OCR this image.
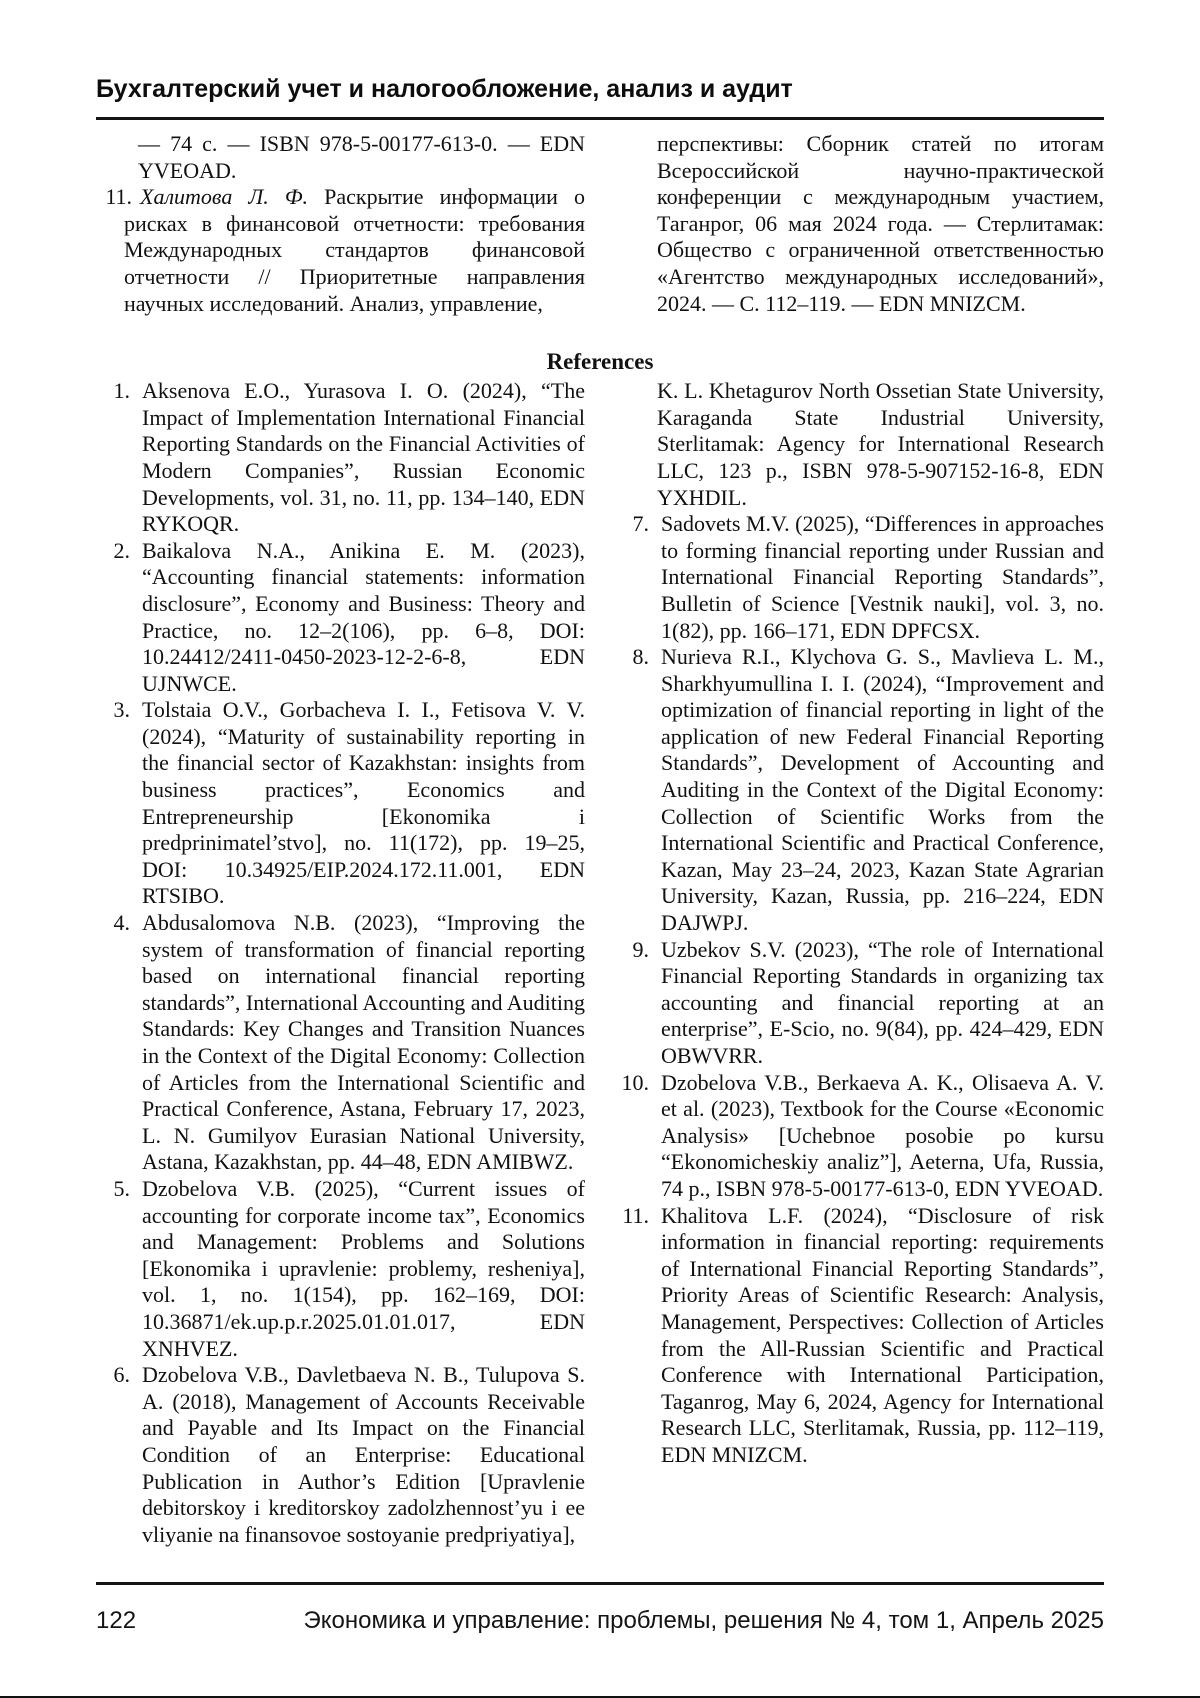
Бухгалтерский учет и налогообложение, анализ и аудит

— 74 с. — ISBN 978-5-00177-613-0. — EDN YVEOAD.

11. Халитова Л. Ф. Раскрытие информации о рисках в финансовой отчетности: требования Международных стандартов финансовой отчетности // Приоритетные направления научных исследований. Анализ, управление,

перспективы: Сборник статей по итогам Всероссийской научно-практической конференции с международным участием, Таганрог, 06 мая 2024 года. — Стерлитамак: Общество с ограниченной ответственностью «Агентство международных исследований», 2024. — С. 112–119. — EDN MNIZCM.

References
1. Aksenova E.O., Yurasova I. O. (2024), “The Impact of Implementation International Financial Reporting Standards on the Financial Activities of Modern Companies”, Russian Economic Developments, vol. 31, no. 11, pp. 134–140, EDN RYKOQR.
2. Baikalova N.A., Anikina E. M. (2023), “Accounting financial statements: information disclosure”, Economy and Business: Theory and Practice, no. 12–2(106), pp. 6–8, DOI: 10.24412/2411-0450-2023-12-2-6-8, EDN UJNWCE.
3. Tolstaia O.V., Gorbacheva I. I., Fetisova V. V. (2024), “Maturity of sustainability reporting in the financial sector of Kazakhstan: insights from business practices”, Economics and Entrepreneurship [Ekonomika i predprinimatel’stvo], no. 11(172), pp. 19–25, DOI: 10.34925/EIP.2024.172.11.001, EDN RTSIBO.
4. Abdusalomova N.B. (2023), “Improving the system of transformation of financial reporting based on international financial reporting standards”, International Accounting and Auditing Standards: Key Changes and Transition Nuances in the Context of the Digital Economy: Collection of Articles from the International Scientific and Practical Conference, Astana, February 17, 2023, L. N. Gumilyov Eurasian National University, Astana, Kazakhstan, pp. 44–48, EDN AMIBWZ.
5. Dzobelova V.B. (2025), “Current issues of accounting for corporate income tax”, Economics and Management: Problems and Solutions [Ekonomika i upravlenie: problemy, resheniya], vol. 1, no. 1(154), pp. 162–169, DOI: 10.36871/ek.up.p.r.2025.01.01.017, EDN XNHVEZ.
6. Dzobelova V.B., Davletbaeva N. B., Tulupova S. A. (2018), Management of Accounts Receivable and Payable and Its Impact on the Financial Condition of an Enterprise: Educational Publication in Author’s Edition [Upravlenie debitorskoy i kreditorskoy zadolzhennost’yu i ee vliyanie na finansovoe sostoyanie predpriyatiya],

K. L. Khetagurov North Ossetian State University, Karaganda State Industrial University, Sterlitamak: Agency for International Research LLC, 123 p., ISBN 978-5-907152-16-8, EDN YXHDIL.

7. Sadovets M.V. (2025), “Differences in approaches to forming financial reporting under Russian and International Financial Reporting Standards”, Bulletin of Science [Vestnik nauki], vol. 3, no. 1(82), pp. 166–171, EDN DPFCSX.
8. Nurieva R.I., Klychova G. S., Mavlieva L. M., Sharkhyumullina I. I. (2024), “Improvement and optimization of financial reporting in light of the application of new Federal Financial Reporting Standards”, Development of Accounting and Auditing in the Context of the Digital Economy: Collection of Scientific Works from the International Scientific and Practical Conference, Kazan, May 23–24, 2023, Kazan State Agrarian University, Kazan, Russia, pp. 216–224, EDN DAJWPJ.
9. Uzbekov S.V. (2023), “The role of International Financial Reporting Standards in organizing tax accounting and financial reporting at an enterprise”, E-Scio, no. 9(84), pp. 424–429, EDN OBWVRR.
10. Dzobelova V.B., Berkaeva A. K., Olisaeva A. V. et al. (2023), Textbook for the Course «Economic Analysis» [Uchebnoe posobie po kursu “Ekonomicheskiy analiz”], Aeterna, Ufa, Russia, 74 p., ISBN 978-5-00177-613-0, EDN YVEOAD.
11. Khalitova L.F. (2024), “Disclosure of risk information in financial reporting: requirements of International Financial Reporting Standards”, Priority Areas of Scientific Research: Analysis, Management, Perspectives: Collection of Articles from the All-Russian Scientific and Practical Conference with International Participation, Taganrog, May 6, 2024, Agency for International Research LLC, Sterlitamak, Russia, pp. 112–119, EDN MNIZCM.
122	Экономика и управление: проблемы, решения № 4, том 1, Апрель 2025
